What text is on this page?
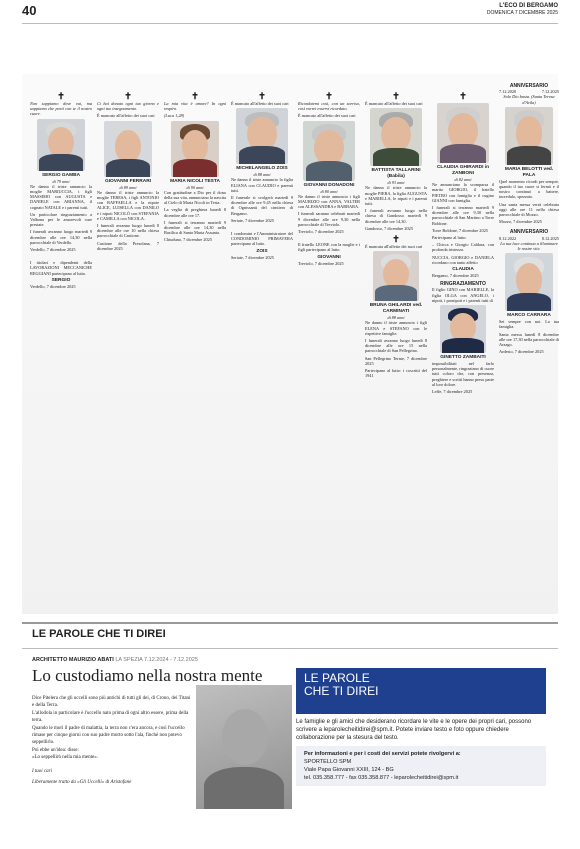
40	L'ECO DI BERGAMO
DOMENICA 7 DICEMBRE 2025
✝

Non sappiamo dove vai, ma sappiamo che porti con te il nostro cuore.

SERGIO GAMBA
di 79 anni

Ne danno il triste annuncio la moglie MARIUCCIA, i figli MASSIMO con AUGUSTA e DANIELE con ARIANNA, il cognato NATALE e i parenti tutti.

Un particolare ringraziamento a Valbona per le amorevoli cure prestate.

I funerali avranno luogo martedì 9 dicembre alle ore 14,30 nella parrocchiale di Verdello.

Verdello, 7 dicembre 2025

I titolari e dipendenti della LAVORAZIONI MECCANICHE REGGIANI partecipano al lutto.

SERGIO

Verdello, 7 dicembre 2025

✝

Ci hai donato ogni tuo giorno e ogni tuo insegnamento.

È mancato all'affetto dei suoi cari

GIOVANNI FERRARI
di 89 anni

Ne danno il triste annuncio la moglie TERESA, i figli ANTONIO con RAFFAELLA e la nipote ALICE, LUISELLA con DANILO e i nipoti NICOLÒ con STEFANIA e CAMILLA con NICOLA.

I funerali avranno luogo lunedì 8 dicembre alle ore 10 nella chiesa parrocchiale di Castione.

Castione della Presolana, 7 dicembre 2025

✝

La mia vita è amore? In ogni respiro.

(Luca 1,28)

MARIA NICOLI TESTA
di 90 anni

Con gratitudine a Dio per il dono della sua vita, annunciano la nascita al Cielo di Maria Nicoli in Testa.

La veglia di preghiera lunedì 8 dicembre alle ore 17.

I funerali si terranno martedì 9 dicembre alle ore 14,30 nella Basilica di Santa Maria Assunta.

Chiuduno, 7 dicembre 2025

✝

È mancato all'affetto dei suoi cari

MICHELANGELO ZOIS
di 88 anni

Ne danno il triste annuncio la figlia ELIANA con CLAUDIO e parenti tutti.

Il funerale si svolgerà martedì 9 dicembre alle ore 9,45 nella chiesa di Ognissanti del cimitero di Bergamo.

Seriate, 7 dicembre 2025

I condomini e l'Amministratore del CONDOMINIO PRIMAVERA partecipano al lutto.

ZOIS

Seriate, 7 dicembre 2025

✝

Ricordatemi così, con un sorriso, così vorrei esservi ricordato.

È mancato all'affetto dei suoi cari

GIOVANNI DONADONI
di 80 anni

Ne danno il triste annuncio i figli MAURIZIO con ANNA, VALTER con ALESSANDRA e BARBARA.

I funerali saranno celebrati martedì 9 dicembre alle ore 9,30 nella parrocchiale di Treviolo.

Treviolo, 7 dicembre 2025

Il fratello LEONE con la moglie e i figli partecipano al lutto.

GIOVANNI

Treviolo, 7 dicembre 2025

✝

È mancato all'affetto dei suoi cari

BATTISTA TALLARINI (Babila)
di 93 anni

Ne danno il triste annuncio la moglie PIERA, la figlia AUGUSTA e MARIELLA, le nipoti e i parenti tutti.

I funerali avranno luogo nella chiesa di Gandosso martedì 9 dicembre alle ore 14,30.

Gandosso, 7 dicembre 2025

✝

È mancata all'affetto dei suoi cari

BRUNA GHILARDI ved. CARMINATI
di 88 anni

Ne danno il triste annuncio i figli ELENA e STEFANO con le rispettive famiglie.

I funerali avranno luogo lunedì 8 dicembre alle ore 15 nella parrocchiale di San Pellegrino.

San Pellegrino Terme, 7 dicembre 2025

Partecipano al lutto: i coscritti del 1941

✝
CLAUDIA GHIRARDI in ZANBONI
di 82 anni

Ne annunciano la scomparsa il marito GIORGIO, il fratello PIETRO con famiglia e il cugino GIANNI con famiglia.

I funerali si terranno martedì 9 dicembre alle ore 9,30 nella parrocchiale di San Martino a Torre Boldone.

Torre Boldone, 7 dicembre 2025

Partecipano al lutto:

– Chicca e Giorgio Caldara, con profonda tristezza.

NUCCIA, GIORGIO e DANIELA ricordano con tanto affetto

CLAUDIA

Bergamo, 7 dicembre 2025

RINGRAZIAMENTO

Il figlio GINO con MARIELLE, la figlia OLGA con ANGELO, i nipoti, i pronipoti e i parenti tutti di

GINETTO ZAMBAITI

impossibilitati nel farlo personalmente, ringraziano di cuore tutti coloro che, con presenza, preghiere e scritti hanno preso parte al loro dolore.

Leffe, 7 dicembre 2025

ANNIVERSARIO
7.12.2020	7.12.2025

Solo Dio basta. (Santa Teresa d'Avila)

MARIA BELOTTI ved. PALA

Quel momento ricordi per sempre, quando il tuo cuore si fermò e il nostro continuò a battere, incredulo, spezzato.

Una santa messa verrà celebrata oggi alle ore 11 nella chiesa parrocchiale di Mozzo.

Mozzo, 7 dicembre 2025

ANNIVERSARIO
8.12.2022	8.12.2025

La tua luce continua a illuminare le nostre vite.

MARCO CARRARA

Sei sempre con noi. La tua famiglia.

Santa messa lunedì 8 dicembre alle ore 17,30 nella parrocchiale di Arzago.

Ardesio, 7 dicembre 2025

LE PAROLE CHE TI DIREI
ARCHITETTO MAURIZIO ABATI LA SPEZIA 7.12.2024 - 7.12.2025
Lo custodiamo nella nostra mente
Dice Pitelera che gli uccelli sono più antichi di tutti gli dei, di Crono, dei Titani e della Terra.
L'allodola in particolare è l'uccello nato prima di ogni altro essere, prima della terra.
Quando le morì il padre di malattia, la terra non c'era ancora, e così l'uccello rimase per cinque giorni con suo padre morto sotto l'ala, finché non potevo seppellirlo.
Poi ebbe un'idea: disse:
«Lo seppellirò nella mia mente».
I tuoi cari
Liberamente tratto da «Gli Uccelli» di Aristofane
LE PAROLE
CHE TI DIREI
Le famiglie e gli amici che desiderano ricordare le vite e le opere dei propri cari, possono scrivere a leparolecheitidirei@spm.it. Potete inviare testo e foto oppure chiedere collaborazione per la stesura del testo.
Per informazioni e per i costi dei servizi potete rivolgervi a:
SPORTELLO SPM
Viale Papa Giovanni XXIII, 124 - BG
tel. 035.358.777 - fax 035.358.877 - leparolecheitidirei@spm.it
